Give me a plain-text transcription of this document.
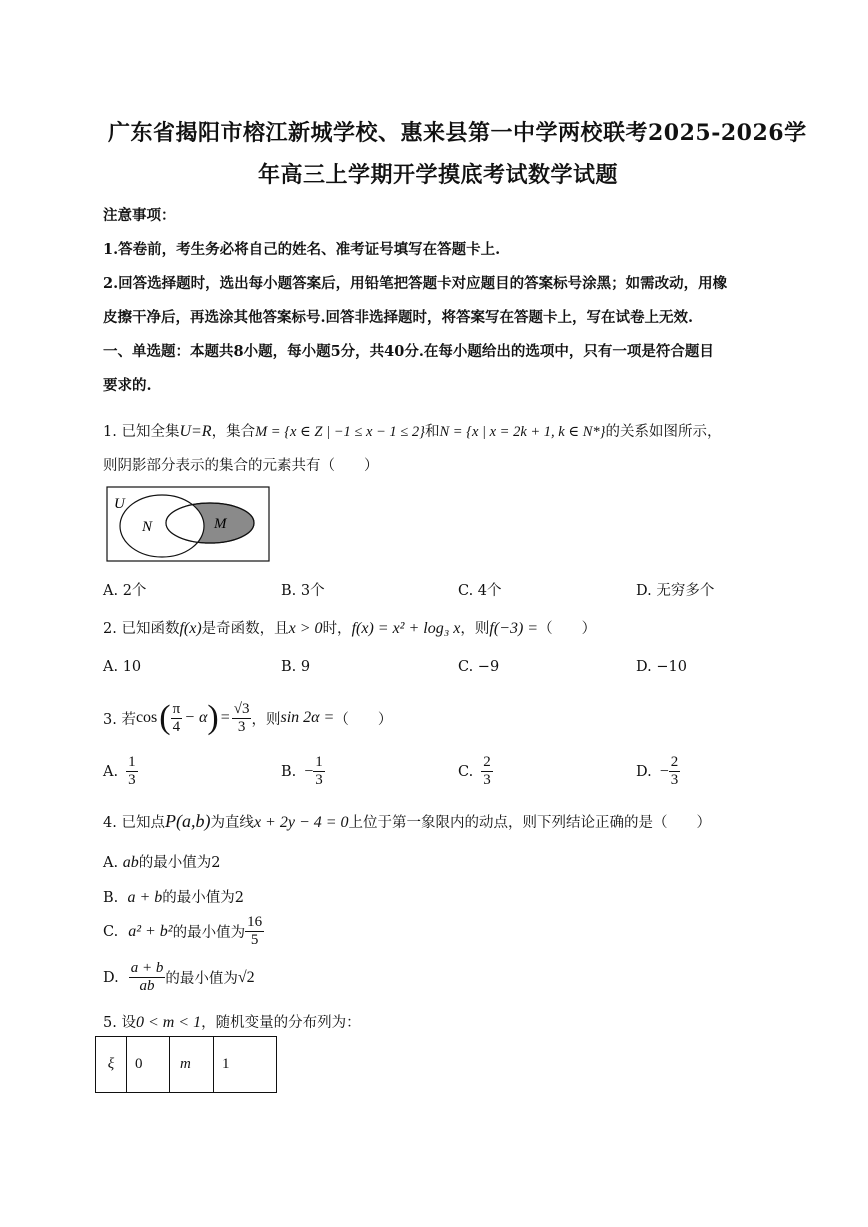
广东省揭阳市榕江新城学校、惠来县第一中学两校联考2025-2026学
年高三上学期开学摸底考试数学试题
注意事项：
1.答卷前，考生务必将自己的姓名、准考证号填写在答题卡上.
2.回答选择题时，选出每小题答案后，用铅笔把答题卡对应题目的答案标号涂黑；如需改动，用橡
皮擦干净后，再选涂其他答案标号.回答非选择题时，将答案写在答题卡上，写在试卷上无效.
一、单选题：本题共8小题，每小题5分，共40分.在每小题给出的选项中，只有一项是符合题目
要求的.
1. 已知全集U=R，集合M = {x ∈ Z | −1 ≤ x − 1 ≤ 2}和N = {x | x = 2k + 1, k ∈ N*}的关系如图所示，
则阴影部分表示的集合的元素共有（　　）
U
N	M
A. 2个	B. 3个	C. 4个	D. 无穷多个
2. 已知函数f(x)是奇函数，且x > 0时，f(x) = x² + log₃ x，则f(−3) =（　　）
A. 10	B. 9	C. −9	D. −10
3. 若 cos ( $\frac{\pi}{4} - \alpha$ ) = $\frac{√3}{3}$ ，则 sin 2α = （　　）
A. $\frac{1}{3}$	B. − $\frac{1}{3}$	C. $\frac{2}{3}$	D. − $\frac{2}{3}$
4. 已知点P(a,b)为直线x + 2y − 4 = 0上位于第一象限内的动点，则下列结论正确的是（　　）
A. ab的最小值为2
B. a + b的最小值为2
C. a² + b² 的最小值为 $\frac{16}{5}$
D. $\frac{a + b}{ab}$ 的最小值为 √2
5. 设0 < m < 1，随机变量的分布列为：
ξ	0	m	1
